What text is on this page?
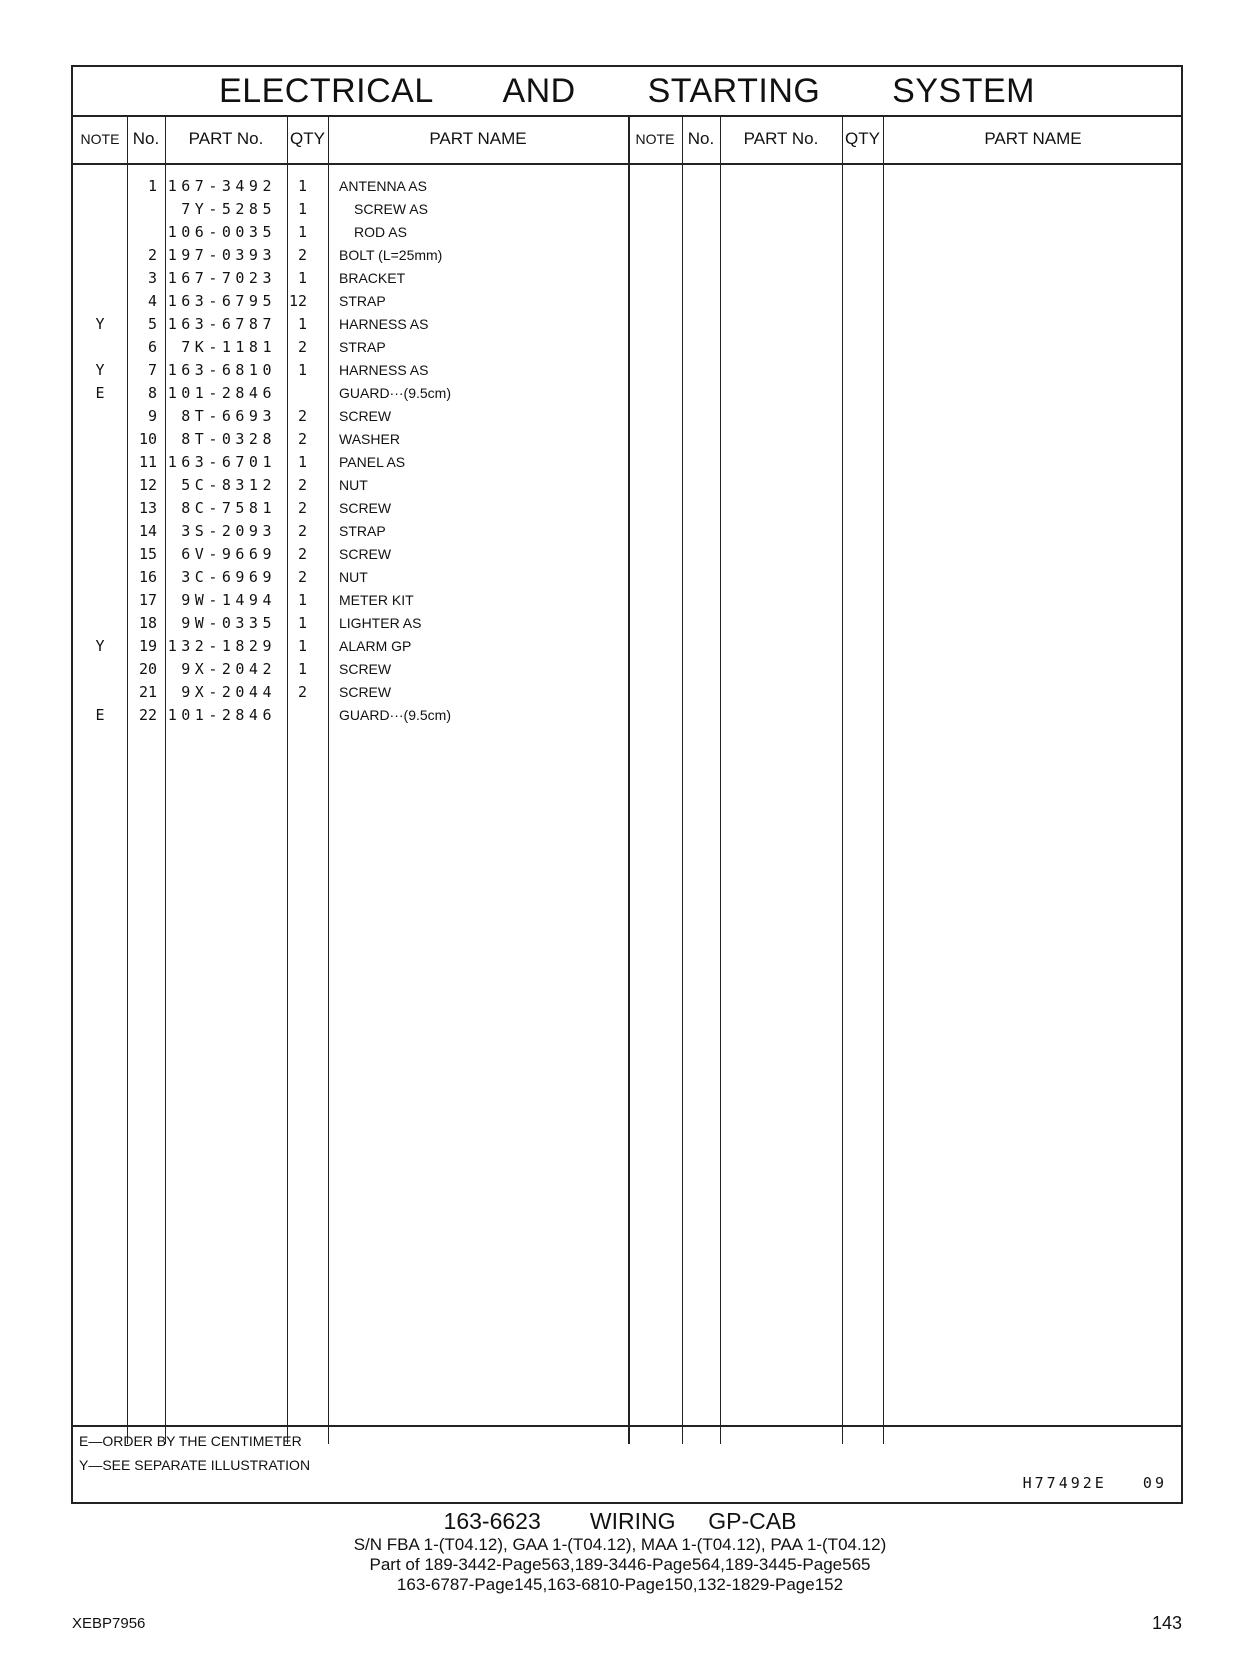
ELECTRICAL   AND   STARTING   SYSTEM
NOTE No.	PART No.	QTY	PART NAME	NOTE No.	PART No.	QTY	PART NAME
1 167-3492	1 ANTENNA AS
7Y-5285	1	SCREW AS
106-0035	1	ROD AS
2 197-0393	2 BOLT (L=25mm)
3 167-7023	1 BRACKET
4 163-6795 12 STRAP
Y	5 163-6787	1 HARNESS AS
6	7K-1181	2 STRAP
Y	7 163-6810	1 HARNESS AS
E	8 101-2846	GUARD···(9.5cm)
9	8T-6693	2 SCREW
10	8T-0328	2 WASHER
11 163-6701	1 PANEL AS
12	5C-8312	2 NUT
13	8C-7581	2 SCREW
14	3S-2093	2 STRAP
15	6V-9669	2 SCREW
16	3C-6969	2 NUT
17	9W-1494	1 METER KIT
18	9W-0335	1 LIGHTER AS
Y	19 132-1829	1 ALARM GP
20	9X-2042	1 SCREW
21	9X-2044	2 SCREW
E	22 101-2846	GUARD···(9.5cm)
E—ORDER BY THE CENTIMETER
Y—SEE SEPARATE ILLUSTRATION
H77492E   09
163-6623   WIRING  GP-CAB
S/N FBA 1-(T04.12), GAA 1-(T04.12), MAA 1-(T04.12), PAA 1-(T04.12)
Part of 189-3442-Page563,189-3446-Page564,189-3445-Page565
163-6787-Page145,163-6810-Page150,132-1829-Page152
XEBP7956	143
